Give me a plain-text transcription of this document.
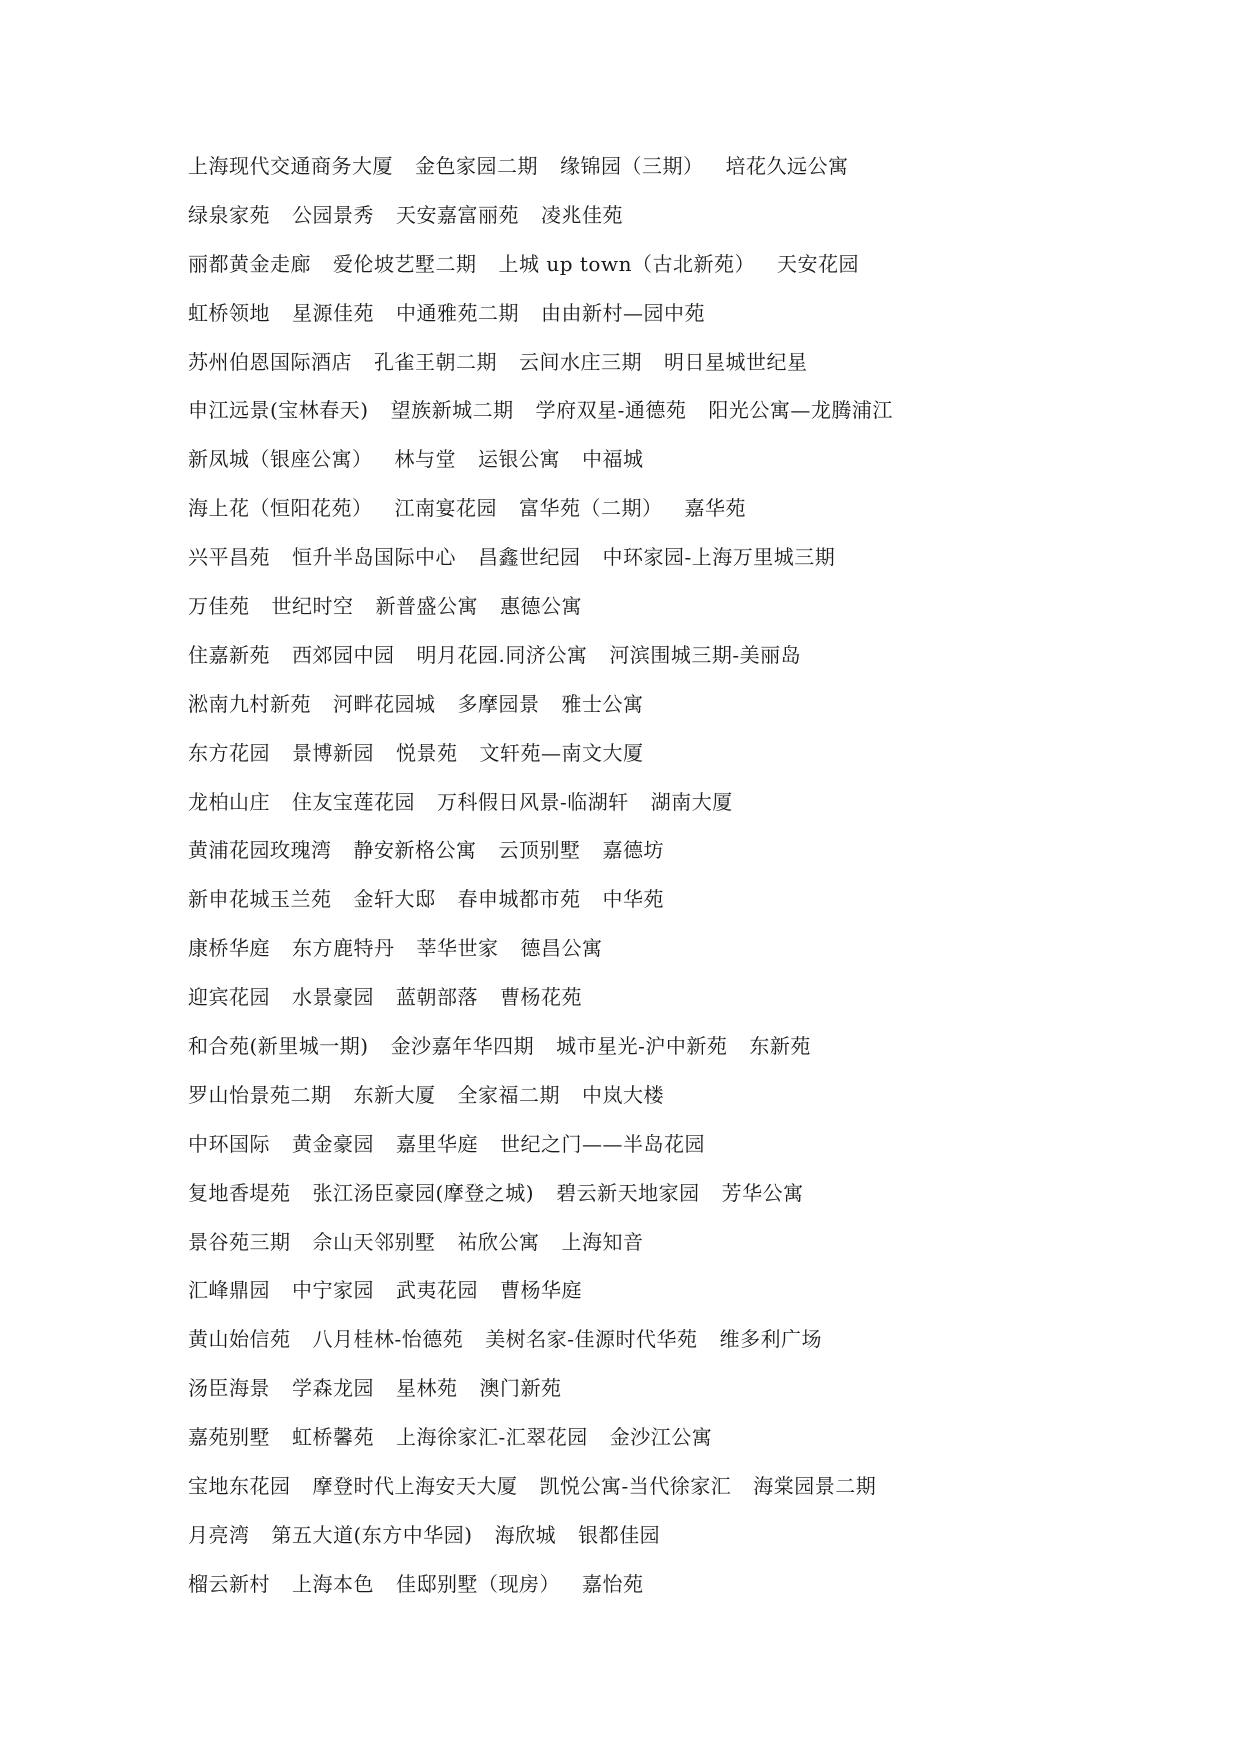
上海现代交通商务大厦 金色家园二期 缘锦园（三期） 培花久远公寓
绿泉家苑 公园景秀 天安嘉富丽苑 凌兆佳苑
丽都黄金走廊 爱伦坡艺墅二期 上城 up town（古北新苑） 天安花园
虹桥领地 星源佳苑 中通雅苑二期 由由新村—园中苑
苏州伯恩国际酒店 孔雀王朝二期 云间水庄三期 明日星城世纪星
申江远景(宝林春天) 望族新城二期 学府双星-通德苑 阳光公寓—龙腾浦江
新凤城（银座公寓） 林与堂 运银公寓 中福城
海上花（恒阳花苑） 江南宴花园 富华苑（二期） 嘉华苑
兴平昌苑 恒升半岛国际中心 昌鑫世纪园 中环家园-上海万里城三期
万佳苑 世纪时空 新普盛公寓 惠德公寓
住嘉新苑 西郊园中园 明月花园.同济公寓 河滨围城三期-美丽岛
淞南九村新苑 河畔花园城 多摩园景 雅士公寓
东方花园 景博新园 悦景苑 文轩苑—南文大厦
龙柏山庄 住友宝莲花园 万科假日风景-临湖轩 湖南大厦
黄浦花园玫瑰湾 静安新格公寓 云顶别墅 嘉德坊
新申花城玉兰苑 金轩大邸 春申城都市苑 中华苑
康桥华庭 东方鹿特丹 莘华世家 德昌公寓
迎宾花园 水景豪园 蓝朝部落 曹杨花苑
和合苑(新里城一期) 金沙嘉年华四期 城市星光-沪中新苑 东新苑
罗山怡景苑二期 东新大厦 全家福二期 中岚大楼
中环国际 黄金豪园 嘉里华庭 世纪之门——半岛花园
复地香堤苑 张江汤臣豪园(摩登之城) 碧云新天地家园 芳华公寓
景谷苑三期 佘山天邻别墅 祐欣公寓 上海知音
汇峰鼎园 中宁家园 武夷花园 曹杨华庭
黄山始信苑 八月桂林-怡德苑 美树名家-佳源时代华苑 维多利广场
汤臣海景 学森龙园 星林苑 澳门新苑
嘉苑别墅 虹桥馨苑 上海徐家汇-汇翠花园 金沙江公寓
宝地东花园 摩登时代上海安天大厦 凯悦公寓-当代徐家汇 海棠园景二期
月亮湾 第五大道(东方中华园) 海欣城 银都佳园
榴云新村 上海本色 佳邸别墅（现房） 嘉怡苑
